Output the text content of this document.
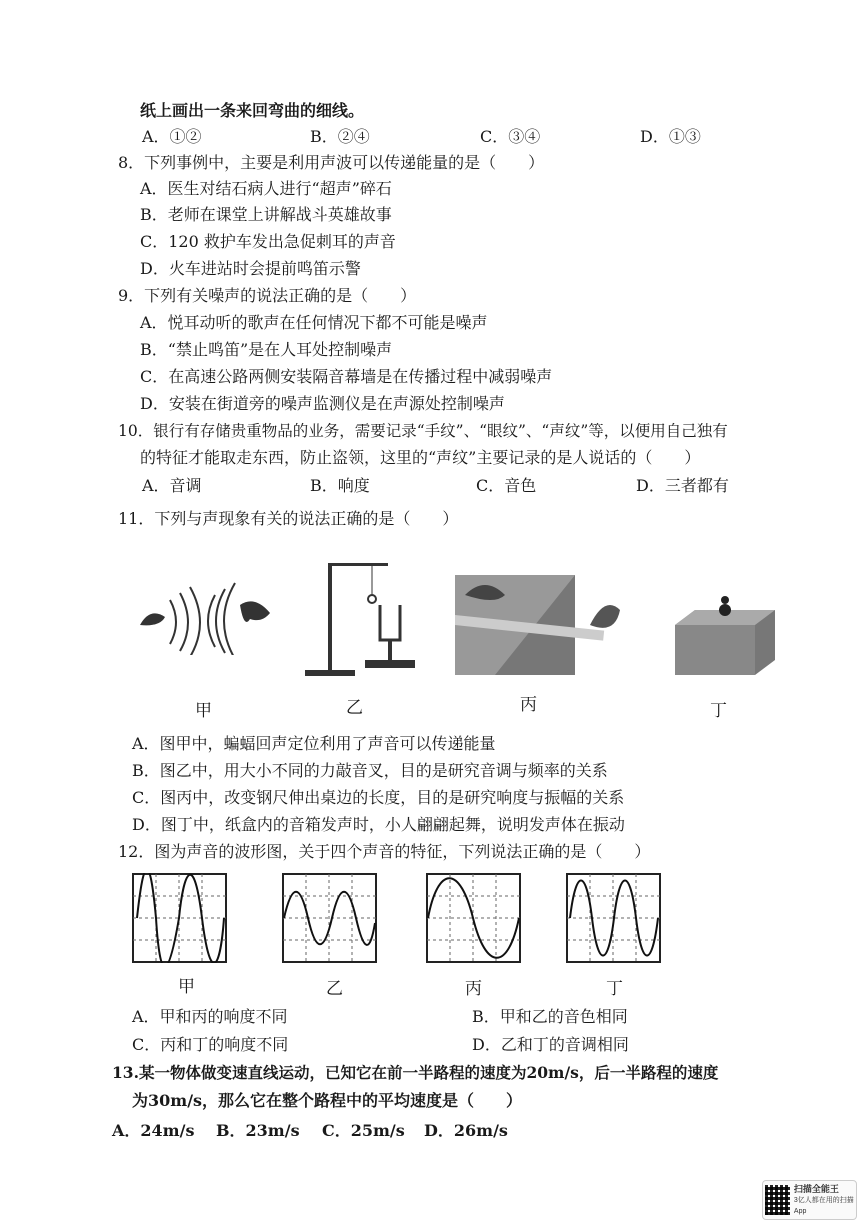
纸上画出一条来回弯曲的细线。
A．①②	B．②④	C．③④	D．①③
8．下列事例中，主要是利用声波可以传递能量的是（　　）
A．医生对结石病人进行“超声”碎石
B．老师在课堂上讲解战斗英雄故事
C．120 救护车发出急促刺耳的声音
D．火车进站时会提前鸣笛示警
9．下列有关噪声的说法正确的是（　　）
A．悦耳动听的歌声在任何情况下都不可能是噪声
B．“禁止鸣笛”是在人耳处控制噪声
C．在高速公路两侧安装隔音幕墙是在传播过程中减弱噪声
D．安装在街道旁的噪声监测仪是在声源处控制噪声
10．银行有存储贵重物品的业务，需要记录“手纹”、“眼纹”、“声纹”等，以便用自己独有
的特征才能取走东西，防止盗领，这里的“声纹”主要记录的是人说话的（　　）
A．音调	B．响度	C．音色	D．三者都有
11．下列与声现象有关的说法正确的是（　　）
甲	乙	丙	丁
A．图甲中，蝙蝠回声定位利用了声音可以传递能量
B．图乙中，用大小不同的力敲音叉，目的是研究音调与频率的关系
C．图丙中，改变钢尺伸出桌边的长度，目的是研究响度与振幅的关系
D．图丁中，纸盒内的音箱发声时，小人翩翩起舞，说明发声体在振动
12．图为声音的波形图，关于四个声音的特征，下列说法正确的是（　　）
甲	乙	丙	丁
A．甲和丙的响度不同	B．甲和乙的音色相同
C．丙和丁的响度不同	D．乙和丁的音调相同
13.某一物体做变速直线运动，已知它在前一半路程的速度为20m/s，后一半路程的速度
为30m/s，那么它在整个路程中的平均速度是（　　）
A．24m/s B．23m/s C．25m/s D．26m/s
扫描全能王
3亿人都在用的扫描App
